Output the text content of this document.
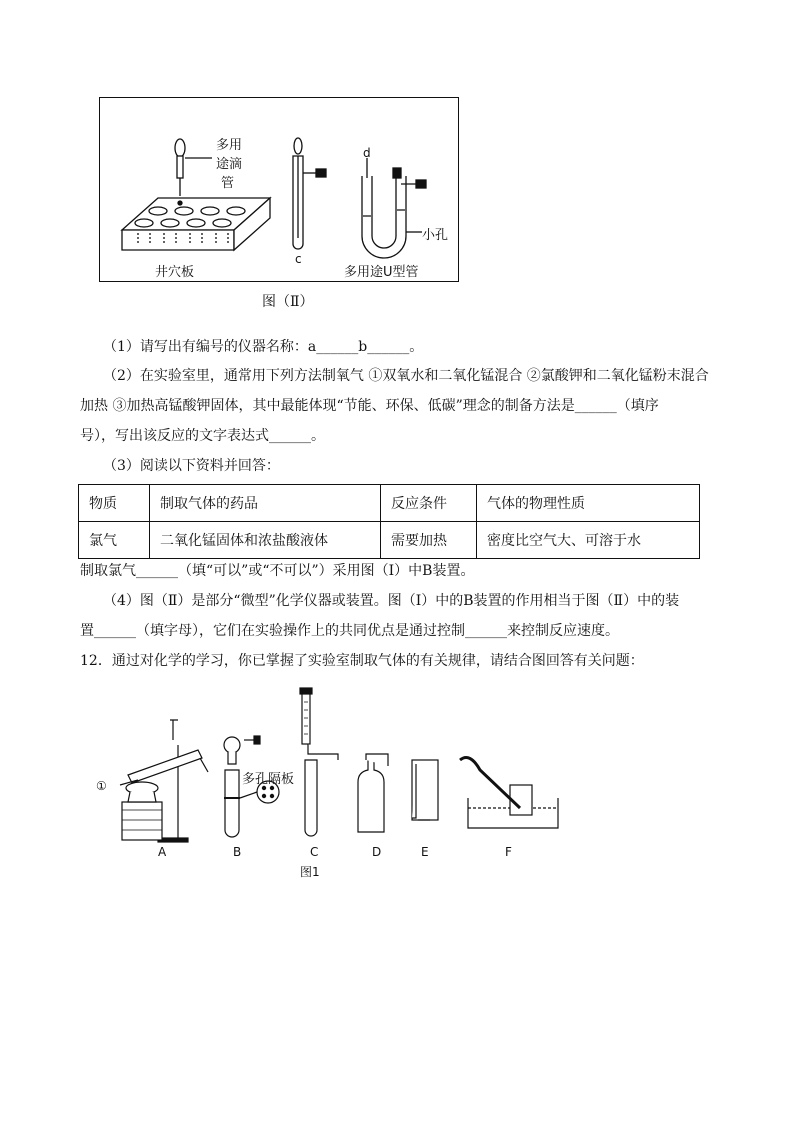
多用
途滴
管
井穴板
c
d
小孔
多用途U型管
图（Ⅱ）
（1）请写出有编号的仪器名称：a______b______。
（2）在实验室里，通常用下列方法制氧气 ①双氧水和二氧化锰混合 ②氯酸钾和二氧化锰粉末混合
加热 ③加热高锰酸钾固体，其中最能体现“节能、环保、低碳”理念的制备方法是______（填序
号），写出该反应的文字表达式______。
（3）阅读以下资料并回答：
物质	制取气体的药品	反应条件	气体的物理性质
氯气	二氧化锰固体和浓盐酸液体	需要加热	密度比空气大、可溶于水
制取氯气______（填“可以”或“不可以”）采用图（I）中B装置。
（4）图（Ⅱ）是部分“微型”化学仪器或装置。图（I）中的B装置的作用相当于图（Ⅱ）中的装
置______（填字母），它们在实验操作上的共同优点是通过控制______来控制反应速度。
12．通过对化学的学习，你已掌握了实验室制取气体的有关规律，请结合图回答有关问题：
①	多孔隔板
A	B	C	D	E	F
图1
